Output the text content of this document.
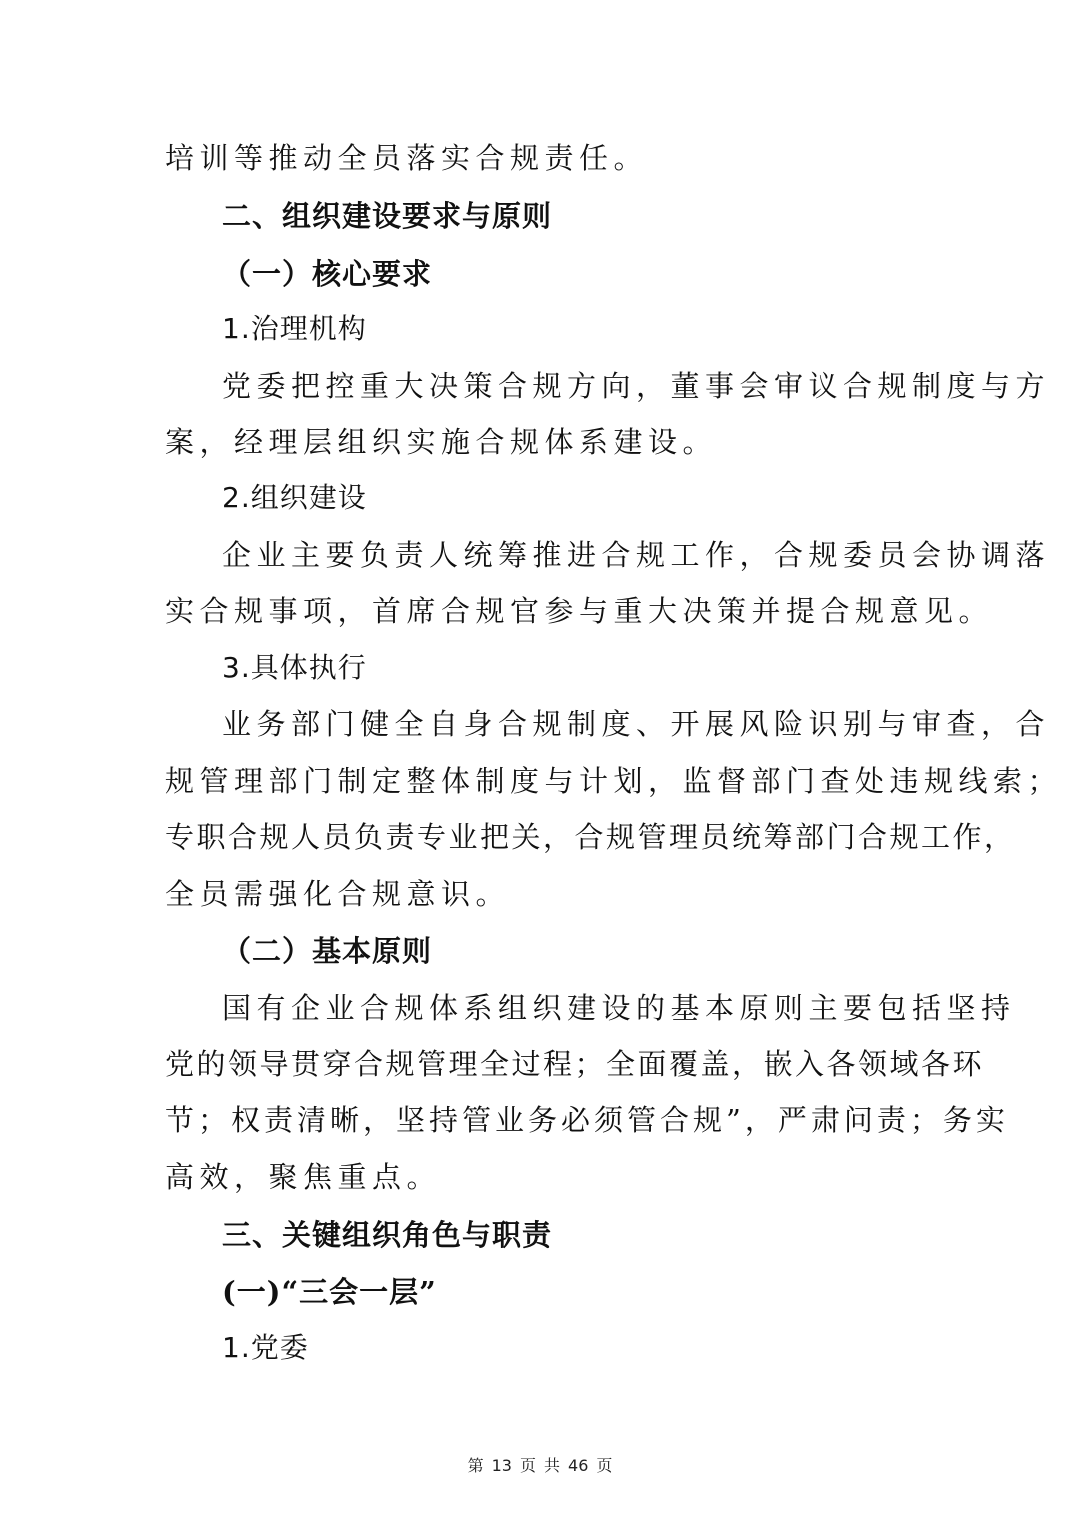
培训等推动全员落实合规责任。
二、组织建设要求与原则
（一）核心要求
1.治理机构
党委把控重大决策合规方向，董事会审议合规制度与方
案，经理层组织实施合规体系建设。
2.组织建设
企业主要负责人统筹推进合规工作，合规委员会协调落
实合规事项，首席合规官参与重大决策并提合规意见。
3.具体执行
业务部门健全自身合规制度、开展风险识别与审查，合
规管理部门制定整体制度与计划，监督部门查处违规线索；
专职合规人员负责专业把关，合规管理员统筹部门合规工作，
全员需强化合规意识。
（二）基本原则
国有企业合规体系组织建设的基本原则主要包括坚持
党的领导贯穿合规管理全过程；全面覆盖，嵌入各领域各环
节；权责清晰，坚持管业务必须管合规”，严肃问责；务实
高效，聚焦重点。
三、关键组织角色与职责
(一)“三会一层”
1.党委
第 13 页 共 46 页
